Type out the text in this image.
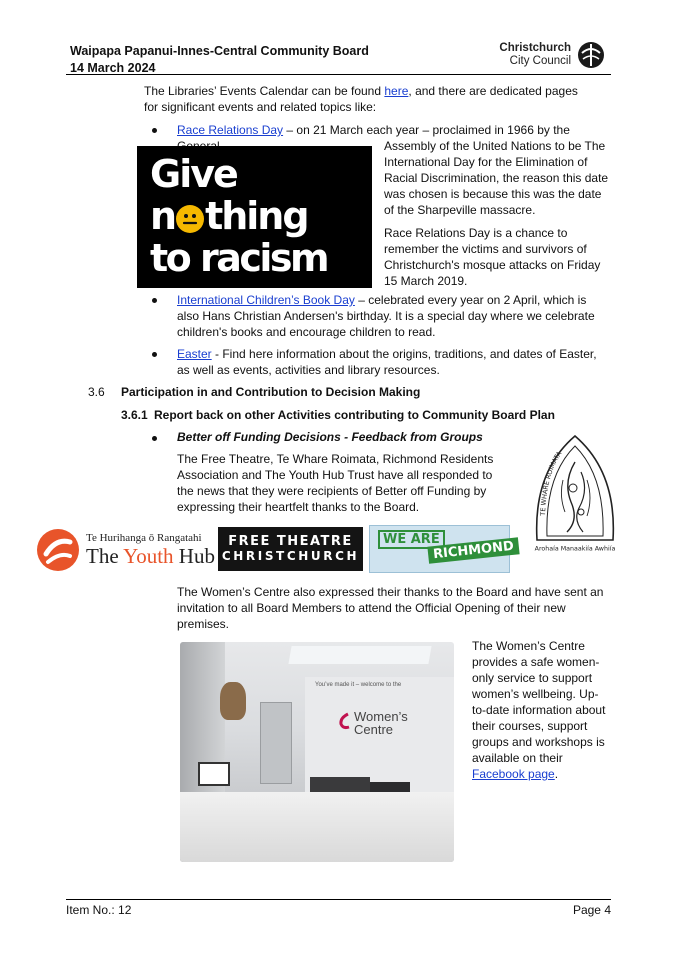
Waipapa Papanui-Innes-Central Community Board
14 March 2024
Christchurch
City Council

The Libraries’ Events Calendar can be found here, and there are dedicated pages for significant events and related topics like:

Race Relations Day – on 21 March each year – proclaimed in 1966 by the

Give
n thing
to racism

Assembly of the United Nations to be The International Day for the Elimination of Racial Discrimination, the reason this date was chosen is because this was the date of the Sharpeville massacre.

Race Relations Day is a chance to remember the victims and survivors of Christchurch's mosque attacks on Friday 15 March 2019.

International Children’s Book Day – celebrated every year on 2 April, which is also Hans Christian Andersen's birthday. It is a special day where we celebrate children's books and encourage children to read.

Easter - Find here information about the origins, traditions, and dates of Easter, as well as events, activities and library resources.

3.6 Participation in and Contribution to Decision Making
3.6.1 Report back on other Activities contributing to Community Board Plan
Better off Funding Decisions - Feedback from Groups

The Free Theatre, Te Whare Roimata, Richmond Residents Association and The Youth Hub Trust have all responded to the news that they were recipients of Better off Funding by expressing their heartfelt thanks to the Board.	TE WHARE ROIMATA
Arohaía Manaakiía Awhiía
Te Hurihanga ō Rangatahi
The Youth Hub
FREE THEATRE
CHRISTCHURCH
WE ARE
RICHMOND

The Women’s Centre also expressed their thanks to the Board and have sent an invitation to all Board Members to attend the Official Opening of their new premises.

You’ve made it – welcome to the
Women’s
Centre

The Women’s Centre provides a safe women-only service to support women’s wellbeing. Up-to-date information about their courses, support groups and workshops is available on their Facebook page.

Item No.: 12	Page 4
